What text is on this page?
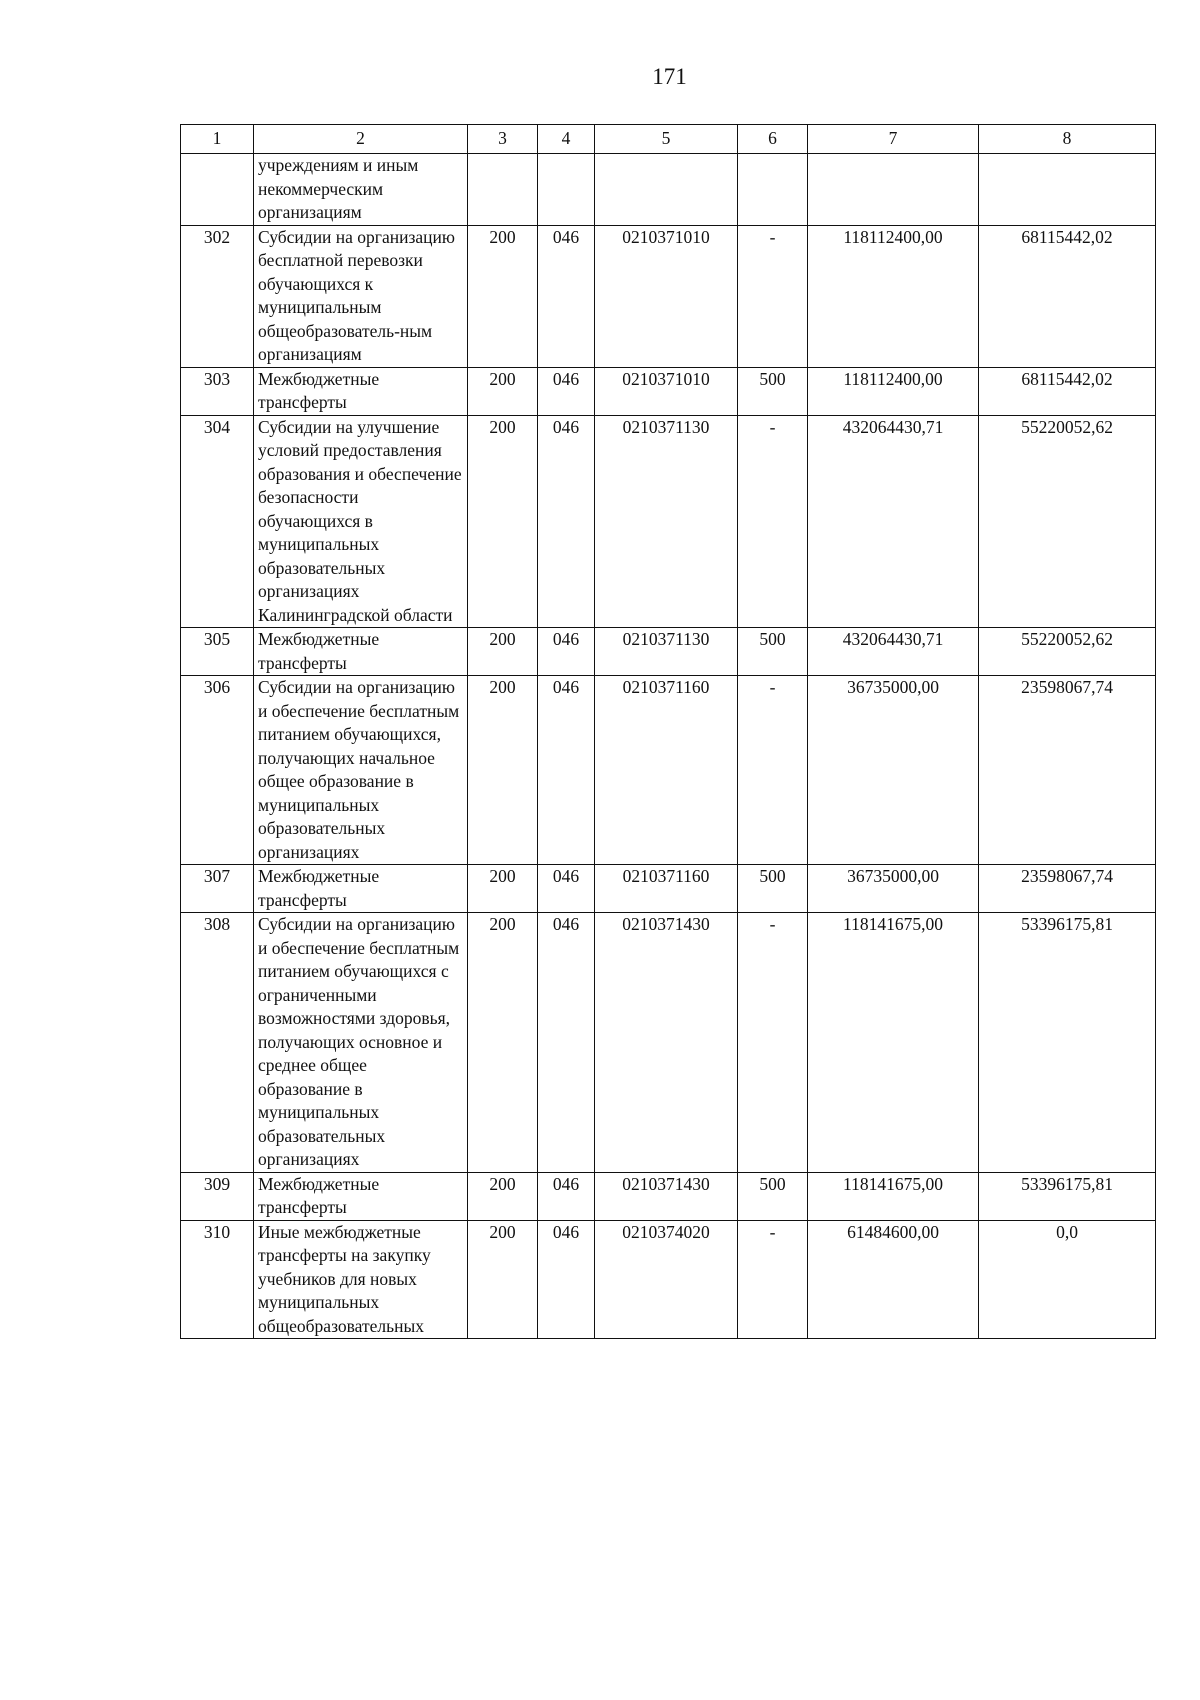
171
1	2	3	4	5	6	7	8
	учреждениям и иным некоммерческим организациям						
302	Субсидии на организацию бесплатной перевозки обучающихся к муниципальным общеобразователь-ным организациям	200	046	0210371010	-	118112400,00	68115442,02
303	Межбюджетные трансферты	200	046	0210371010	500	118112400,00	68115442,02
304	Субсидии на улучшение условий предоставления образования и обеспечение безопасности обучающихся в муниципальных образовательных организациях Калининградской области	200	046	0210371130	-	432064430,71	55220052,62
305	Межбюджетные трансферты	200	046	0210371130	500	432064430,71	55220052,62
306	Субсидии на организацию и обеспечение бесплатным питанием обучающихся, получающих начальное общее образование в муниципальных образовательных организациях	200	046	0210371160	-	36735000,00	23598067,74
307	Межбюджетные трансферты	200	046	0210371160	500	36735000,00	23598067,74
308	Субсидии на организацию и обеспечение бесплатным питанием обучающихся с ограниченными возможностями здоровья, получающих основное и среднее общее образование в муниципальных образовательных организациях	200	046	0210371430	-	118141675,00	53396175,81
309	Межбюджетные трансферты	200	046	0210371430	500	118141675,00	53396175,81
310	Иные межбюджетные трансферты на закупку учебников для новых муниципальных общеобразовательных	200	046	0210374020	-	61484600,00	0,0
